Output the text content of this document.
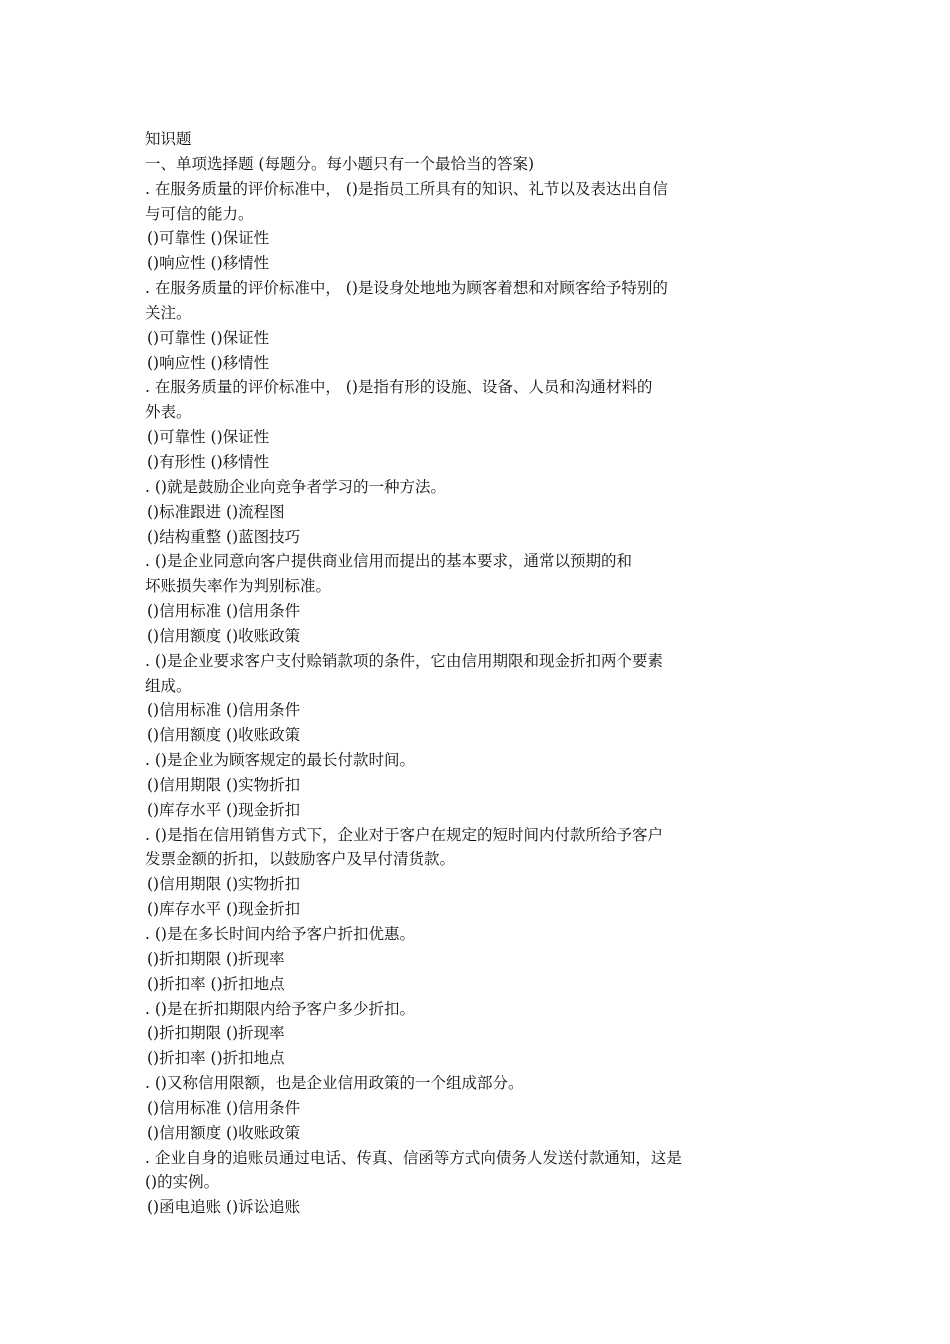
知识题
一、单项选择题 (每题分。每小题只有一个最恰当的答案)
. 在服务质量的评价标准中， ()是指员工所具有的知识、礼节以及表达出自信
与可信的能力。
()可靠性 ()保证性
()响应性 ()移情性
. 在服务质量的评价标准中， ()是设身处地地为顾客着想和对顾客给予特别的
关注。
()可靠性 ()保证性
()响应性 ()移情性
. 在服务质量的评价标准中， ()是指有形的设施、设备、人员和沟通材料的
外表。
()可靠性 ()保证性
()有形性 ()移情性
. ()就是鼓励企业向竞争者学习的一种方法。
()标准跟进 ()流程图
()结构重整 ()蓝图技巧
. ()是企业同意向客户提供商业信用而提出的基本要求，通常以预期的和
坏账损失率作为判别标准。
()信用标准 ()信用条件
()信用额度 ()收账政策
. ()是企业要求客户支付赊销款项的条件，它由信用期限和现金折扣两个要素
组成。
()信用标准 ()信用条件
()信用额度 ()收账政策
. ()是企业为顾客规定的最长付款时间。
()信用期限 ()实物折扣
()库存水平 ()现金折扣
. ()是指在信用销售方式下，企业对于客户在规定的短时间内付款所给予客户
发票金额的折扣，以鼓励客户及早付清货款。
()信用期限 ()实物折扣
()库存水平 ()现金折扣
. ()是在多长时间内给予客户折扣优惠。
()折扣期限 ()折现率
()折扣率 ()折扣地点
. ()是在折扣期限内给予客户多少折扣。
()折扣期限 ()折现率
()折扣率 ()折扣地点
. ()又称信用限额，也是企业信用政策的一个组成部分。
()信用标准 ()信用条件
()信用额度 ()收账政策
. 企业自身的追账员通过电话、传真、信函等方式向债务人发送付款通知，这是
()的实例。
()函电追账 ()诉讼追账
